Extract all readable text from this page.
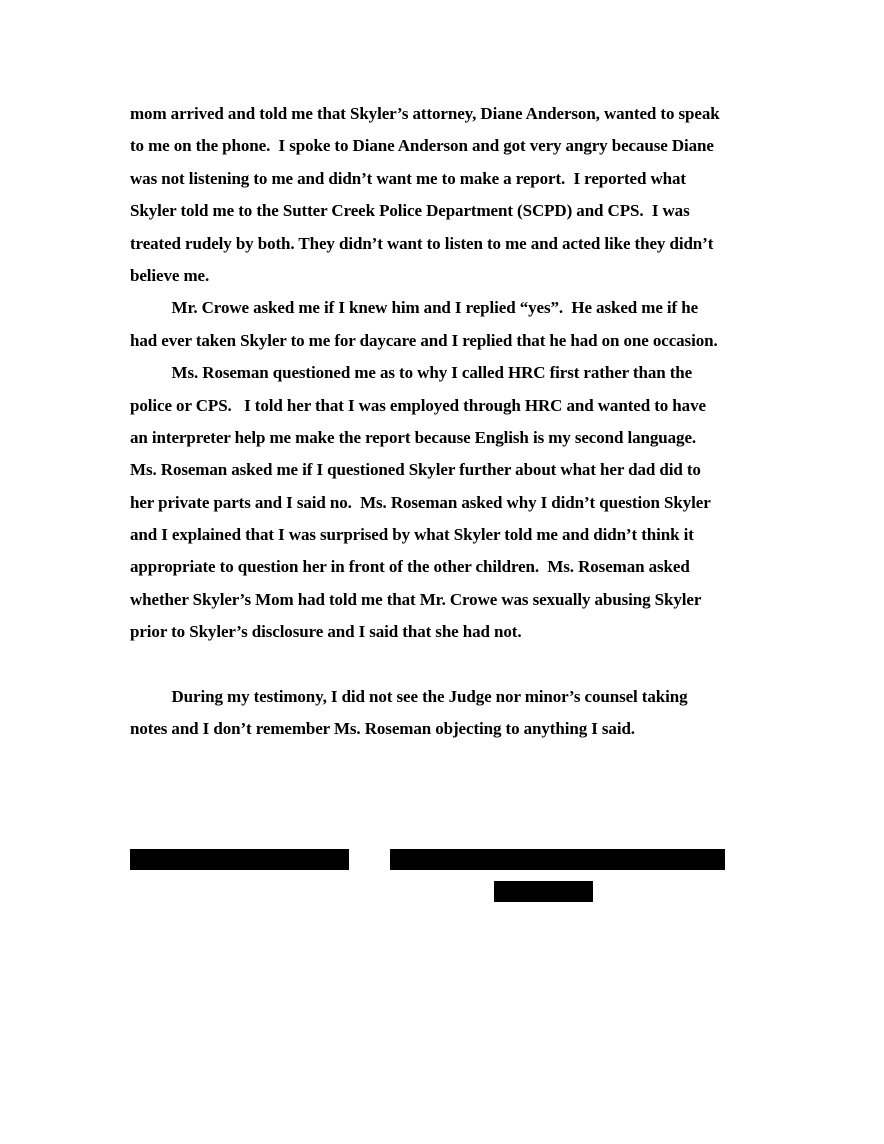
mom arrived and told me that Skyler’s attorney, Diane Anderson, wanted to speak
to me on the phone.  I spoke to Diane Anderson and got very angry because Diane
was not listening to me and didn’t want me to make a report.  I reported what
Skyler told me to the Sutter Creek Police Department (SCPD) and CPS.  I was
treated rudely by both. They didn’t want to listen to me and acted like they didn’t
believe me.
Mr. Crowe asked me if I knew him and I replied “yes”.  He asked me if he
had ever taken Skyler to me for daycare and I replied that he had on one occasion.
Ms. Roseman questioned me as to why I called HRC first rather than the
police or CPS.   I told her that I was employed through HRC and wanted to have
an interpreter help me make the report because English is my second language.
Ms. Roseman asked me if I questioned Skyler further about what her dad did to
her private parts and I said no.  Ms. Roseman asked why I didn’t question Skyler
and I explained that I was surprised by what Skyler told me and didn’t think it
appropriate to question her in front of the other children.  Ms. Roseman asked
whether Skyler’s Mom had told me that Mr. Crowe was sexually abusing Skyler
prior to Skyler’s disclosure and I said that she had not.
During my testimony, I did not see the Judge nor minor’s counsel taking
notes and I don’t remember Ms. Roseman objecting to anything I said.
